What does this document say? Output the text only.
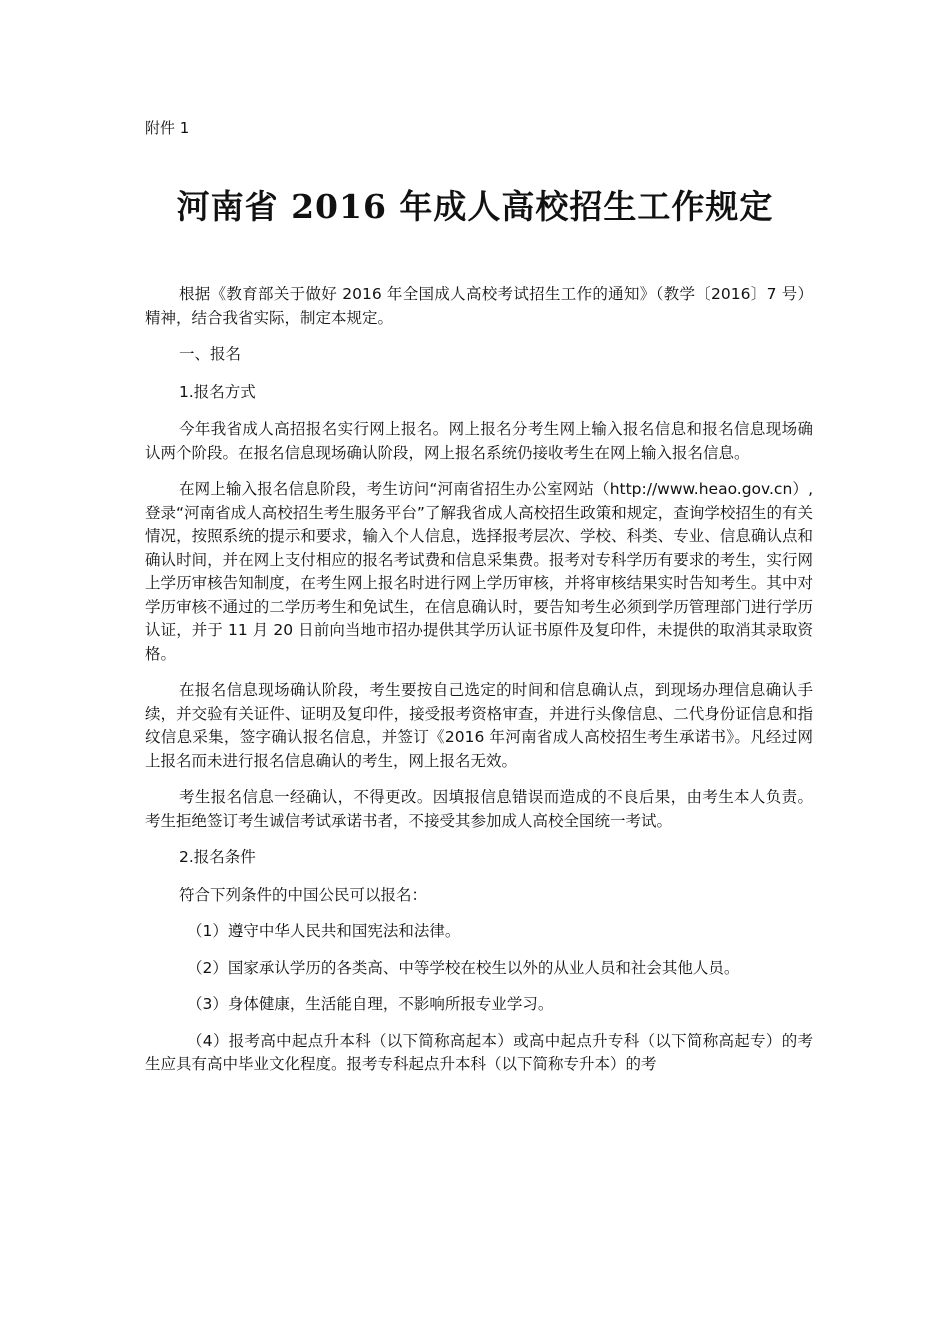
附件 1
河南省 2016 年成人高校招生工作规定

根据《教育部关于做好 2016 年全国成人高校考试招生工作的通知》（教学〔2016〕7 号）精神，结合我省实际，制定本规定。

一、报名

1.报名方式

今年我省成人高招报名实行网上报名。网上报名分考生网上输入报名信息和报名信息现场确认两个阶段。在报名信息现场确认阶段，网上报名系统仍接收考生在网上输入报名信息。

在网上输入报名信息阶段，考生访问“河南省招生办公室网站（http://www.heao.gov.cn）,登录“河南省成人高校招生考生服务平台”了解我省成人高校招生政策和规定，查询学校招生的有关情况，按照系统的提示和要求，输入个人信息，选择报考层次、学校、科类、专业、信息确认点和确认时间，并在网上支付相应的报名考试费和信息采集费。报考对专科学历有要求的考生，实行网上学历审核告知制度，在考生网上报名时进行网上学历审核，并将审核结果实时告知考生。其中对学历审核不通过的二学历考生和免试生，在信息确认时，要告知考生必须到学历管理部门进行学历认证，并于 11 月 20 日前向当地市招办提供其学历认证书原件及复印件，未提供的取消其录取资格。

在报名信息现场确认阶段，考生要按自己选定的时间和信息确认点，到现场办理信息确认手续，并交验有关证件、证明及复印件，接受报考资格审查，并进行头像信息、二代身份证信息和指纹信息采集，签字确认报名信息，并签订《2016 年河南省成人高校招生考生承诺书》。凡经过网上报名而未进行报名信息确认的考生，网上报名无效。

考生报名信息一经确认，不得更改。因填报信息错误而造成的不良后果，由考生本人负责。考生拒绝签订考生诚信考试承诺书者，不接受其参加成人高校全国统一考试。

2.报名条件

符合下列条件的中国公民可以报名：

（1）遵守中华人民共和国宪法和法律。

（2）国家承认学历的各类高、中等学校在校生以外的从业人员和社会其他人员。

（3）身体健康，生活能自理，不影响所报专业学习。

（4）报考高中起点升本科（以下简称高起本）或高中起点升专科（以下简称高起专）的考生应具有高中毕业文化程度。报考专科起点升本科（以下简称专升本）的考
